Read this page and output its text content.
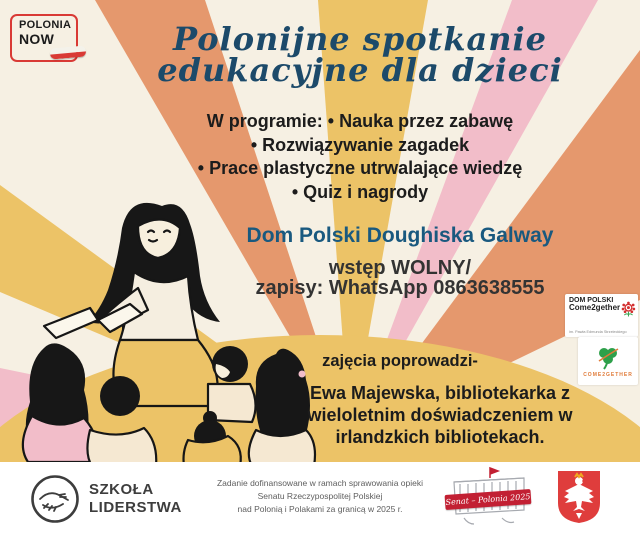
POLONIA
NOW	Polonijne spotkanie
edukacyjne dla dzieci
W programie: • Nauka przez zabawę
• Rozwiązywanie zagadek
• Prace plastyczne utrwalające wiedzę
• Quiz i nagrody
Dom Polski Doughiska Galway
wstęp WOLNY/
zapisy: WhatsApp 0863638555
DOM POLSKI
Come2gether
im. Pawła Edmunda Strzeleckiego
COME2GETHER
zajęcia poprowadzi-
Ewa Majewska, bibliotekarka z
wieloletnim doświadczeniem w
irlandzkich bibliotekach.
SZKOŁA
LIDERSTWA
Zadanie dofinansowane w ramach sprawowania opieki
Senatu Rzeczypospolitej Polskiej
nad Polonią i Polakami za granicą w 2025 r.
Senat – Polonia 2025
